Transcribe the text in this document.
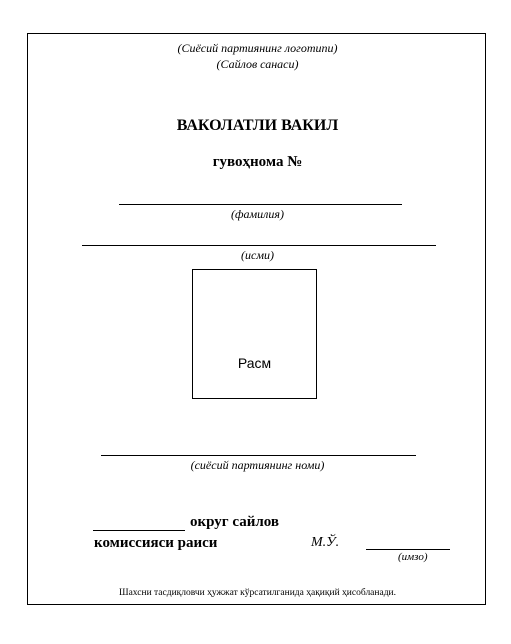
(Сиёсий партиянинг логотипи)
(Сайлов санаси)
ВАКОЛАТЛИ ВАКИЛ
гувоҳнома №
(фамилия)
(исми)
Расм
(сиёсий партиянинг номи)
округ сайлов
комиссияси раиси	М.Ў.
(имзо)
Шахсни тасдиқловчи ҳужжат кўрсатилганида ҳақиқий ҳисобланади.
